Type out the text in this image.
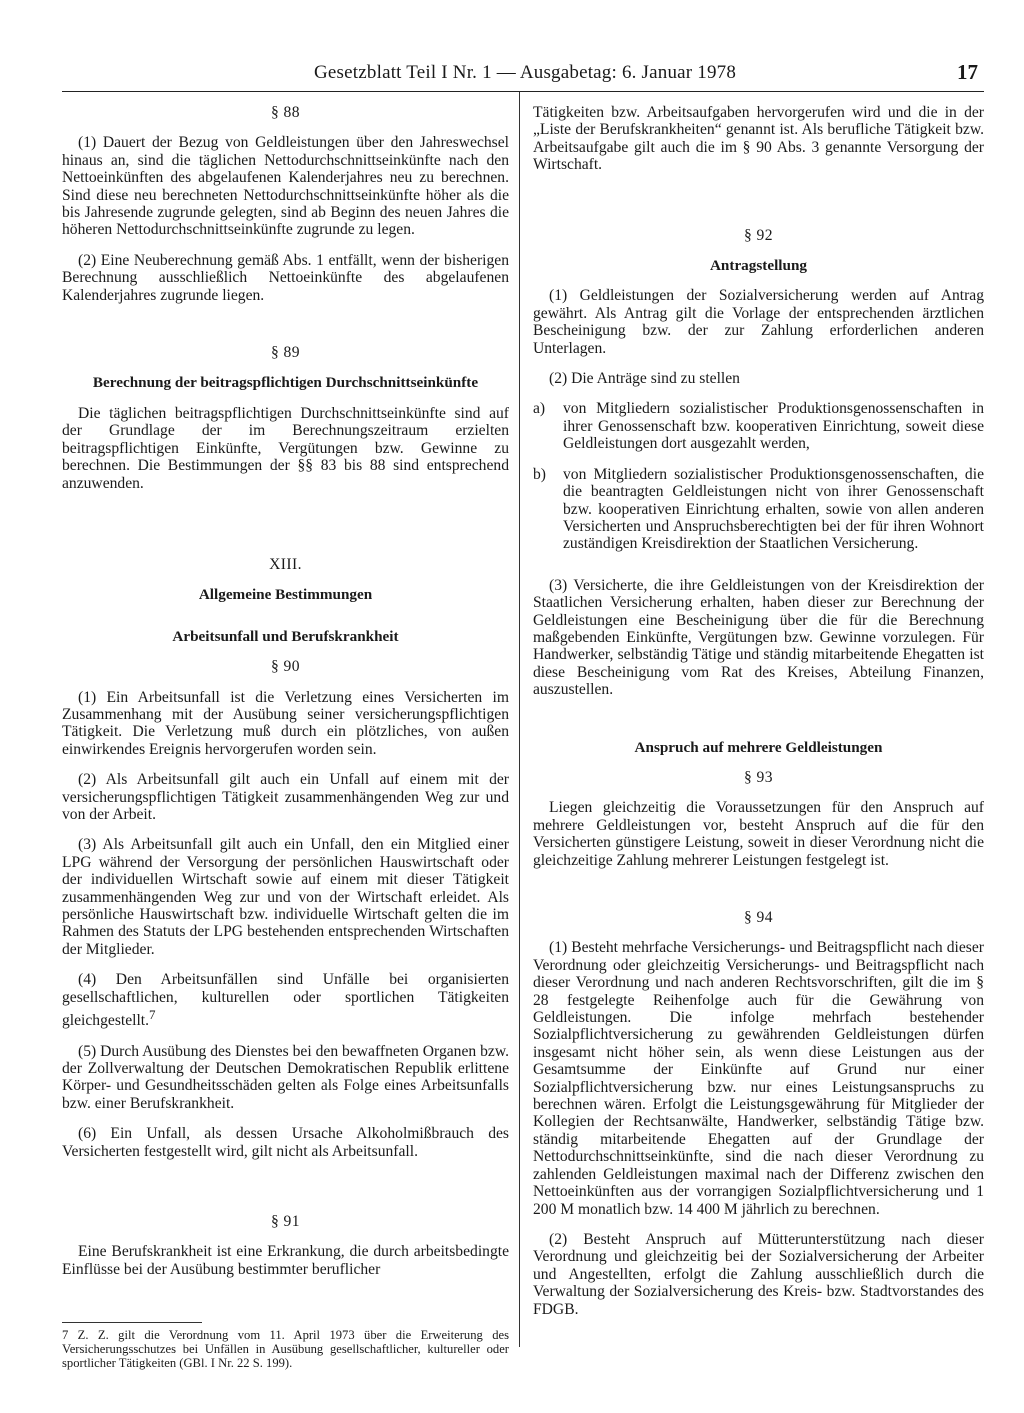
Gesetzblatt Teil I Nr. 1 — Ausgabetag: 6. Januar 1978	17

§ 88

(1) Dauert der Bezug von Geldleistungen über den Jahreswechsel hinaus an, sind die täglichen Nettodurchschnittseinkünfte nach den Nettoeinkünften des abgelaufenen Kalenderjahres neu zu berechnen. Sind diese neu berechneten Nettodurchschnittseinkünfte höher als die bis Jahresende zugrunde gelegten, sind ab Beginn des neuen Jahres die höheren Nettodurchschnittseinkünfte zugrunde zu legen.

(2) Eine Neuberechnung gemäß Abs. 1 entfällt, wenn der bisherigen Berechnung ausschließlich Nettoeinkünfte des abgelaufenen Kalenderjahres zugrunde liegen.

§ 89

Berechnung der beitragspflichtigen Durchschnittseinkünfte

Die täglichen beitragspflichtigen Durchschnittseinkünfte sind auf der Grundlage der im Berechnungszeitraum erzielten beitragspflichtigen Einkünfte, Vergütungen bzw. Gewinne zu berechnen. Die Bestimmungen der §§ 83 bis 88 sind entsprechend anzuwenden.

XIII.

Allgemeine Bestimmungen

Arbeitsunfall und Berufskrankheit

§ 90

(1) Ein Arbeitsunfall ist die Verletzung eines Versicherten im Zusammenhang mit der Ausübung seiner versicherungspflichtigen Tätigkeit. Die Verletzung muß durch ein plötzliches, von außen einwirkendes Ereignis hervorgerufen worden sein.

(2) Als Arbeitsunfall gilt auch ein Unfall auf einem mit der versicherungspflichtigen Tätigkeit zusammenhängenden Weg zur und von der Arbeit.

(3) Als Arbeitsunfall gilt auch ein Unfall, den ein Mitglied einer LPG während der Versorgung der persönlichen Hauswirtschaft oder der individuellen Wirtschaft sowie auf einem mit dieser Tätigkeit zusammenhängenden Weg zur und von der Wirtschaft erleidet. Als persönliche Hauswirtschaft bzw. individuelle Wirtschaft gelten die im Rahmen des Statuts der LPG bestehenden entsprechenden Wirtschaften der Mitglieder.

(4) Den Arbeitsunfällen sind Unfälle bei organisierten gesellschaftlichen, kulturellen oder sportlichen Tätigkeiten gleichgestellt.$^7$

(5) Durch Ausübung des Dienstes bei den bewaffneten Organen bzw. der Zollverwaltung der Deutschen Demokratischen Republik erlittene Körper- und Gesundheitsschäden gelten als Folge eines Arbeitsunfalls bzw. einer Berufskrankheit.

(6) Ein Unfall, als dessen Ursache Alkoholmißbrauch des Versicherten festgestellt wird, gilt nicht als Arbeitsunfall.

§ 91

Eine Berufskrankheit ist eine Erkrankung, die durch arbeitsbedingte Einflüsse bei der Ausübung bestimmter beruflicher

7 Z. Z. gilt die Verordnung vom 11. April 1973 über die Erweiterung des Versicherungsschutzes bei Unfällen in Ausübung gesellschaftlicher, kultureller oder sportlicher Tätigkeiten (GBl. I Nr. 22 S. 199).

Tätigkeiten bzw. Arbeitsaufgaben hervorgerufen wird und die in der „Liste der Berufskrankheiten“ genannt ist. Als berufliche Tätigkeit bzw. Arbeitsaufgabe gilt auch die im § 90 Abs. 3 genannte Versorgung der Wirtschaft.

§ 92

Antragstellung

(1) Geldleistungen der Sozialversicherung werden auf Antrag gewährt. Als Antrag gilt die Vorlage der entsprechenden ärztlichen Bescheinigung bzw. der zur Zahlung erforderlichen anderen Unterlagen.

(2) Die Anträge sind zu stellen

a)	von Mitgliedern sozialistischer Produktionsgenossenschaften in ihrer Genossenschaft bzw. kooperativen Einrichtung, soweit diese Geldleistungen dort ausgezahlt werden,
b)	von Mitgliedern sozialistischer Produktionsgenossenschaften, die die beantragten Geldleistungen nicht von ihrer Genossenschaft bzw. kooperativen Einrichtung erhalten, sowie von allen anderen Versicherten und Anspruchsberechtigten bei der für ihren Wohnort zuständigen Kreisdirektion der Staatlichen Versicherung.

(3) Versicherte, die ihre Geldleistungen von der Kreisdirektion der Staatlichen Versicherung erhalten, haben dieser zur Berechnung der Geldleistungen eine Bescheinigung über die für die Berechnung maßgebenden Einkünfte, Vergütungen bzw. Gewinne vorzulegen. Für Handwerker, selbständig Tätige und ständig mitarbeitende Ehegatten ist diese Bescheinigung vom Rat des Kreises, Abteilung Finanzen, auszustellen.

Anspruch auf mehrere Geldleistungen

§ 93

Liegen gleichzeitig die Voraussetzungen für den Anspruch auf mehrere Geldleistungen vor, besteht Anspruch auf die für den Versicherten günstigere Leistung, soweit in dieser Verordnung nicht die gleichzeitige Zahlung mehrerer Leistungen festgelegt ist.

§ 94

(1) Besteht mehrfache Versicherungs- und Beitragspflicht nach dieser Verordnung oder gleichzeitig Versicherungs- und Beitragspflicht nach dieser Verordnung und nach anderen Rechtsvorschriften, gilt die im § 28 festgelegte Reihenfolge auch für die Gewährung von Geldleistungen. Die infolge mehrfach bestehender Sozialpflichtversicherung zu gewährenden Geldleistungen dürfen insgesamt nicht höher sein, als wenn diese Leistungen aus der Gesamtsumme der Einkünfte auf Grund nur einer Sozialpflichtversicherung bzw. nur eines Leistungsanspruchs zu berechnen wären. Erfolgt die Leistungsgewährung für Mitglieder der Kollegien der Rechtsanwälte, Handwerker, selbständig Tätige bzw. ständig mitarbeitende Ehegatten auf der Grundlage der Nettodurchschnittseinkünfte, sind die nach dieser Verordnung zu zahlenden Geldleistungen maximal nach der Differenz zwischen den Nettoeinkünften aus der vorrangigen Sozialpflichtversicherung und 1 200 M monatlich bzw. 14 400 M jährlich zu berechnen.

(2) Besteht Anspruch auf Mütterunterstützung nach dieser Verordnung und gleichzeitig bei der Sozialversicherung der Arbeiter und Angestellten, erfolgt die Zahlung ausschließlich durch die Verwaltung der Sozialversicherung des Kreis- bzw. Stadtvorstandes des FDGB.
